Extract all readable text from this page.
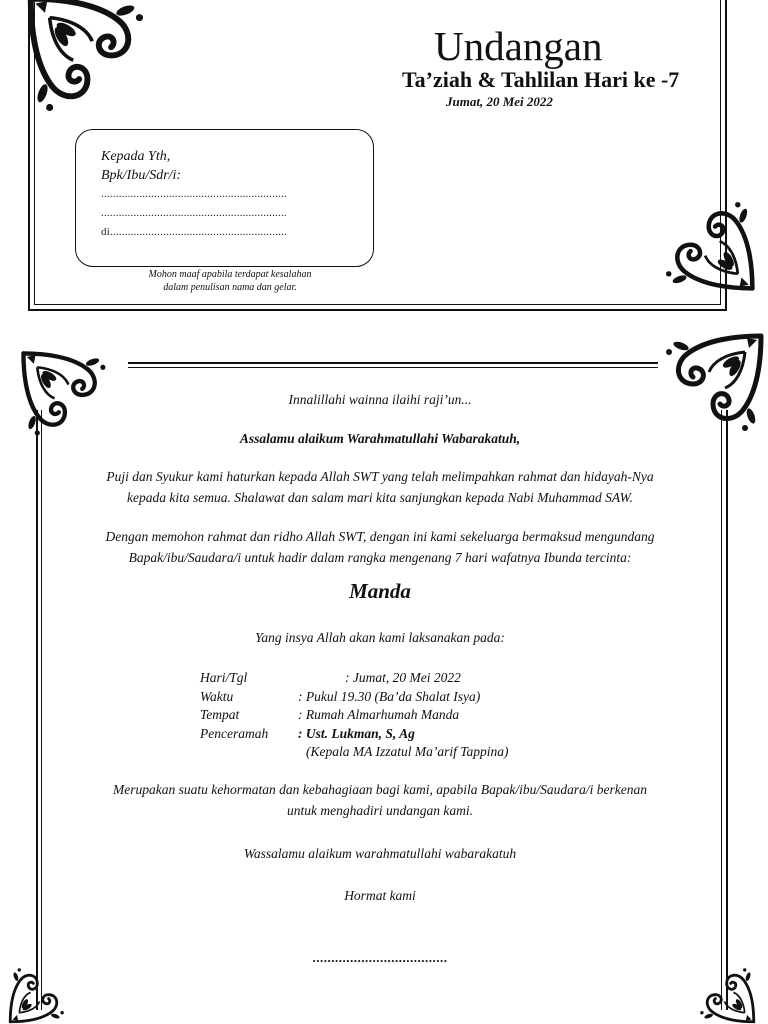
Undangan
Ta’ziah & Tahlilan Hari ke -7
Jumat, 20 Mei 2022
Kepada Yth,
Bpk/Ibu/Sdr/i:
...............................................................
...............................................................
di............................................................
Mohon maaf apabila terdapat kesalahan
dalam penulisan nama dan gelar.
Innalillahi wainna ilaihi raji’un...
Assalamu alaikum Warahmatullahi Wabarakatuh,
Puji dan Syukur kami haturkan kepada Allah SWT yang telah melimpahkan rahmat dan hidayah-Nya
kepada kita semua. Shalawat dan salam mari kita sanjungkan kepada Nabi Muhammad SAW.
Dengan memohon rahmat dan ridho Allah SWT, dengan ini kami sekeluarga bermaksud mengundang
Bapak/ibu/Saudara/i untuk hadir dalam rangka mengenang 7 hari wafatnya Ibunda tercinta:
Manda
Yang insya Allah akan kami laksanakan pada:
Hari/Tgl	: Jumat, 20 Mei 2022
Waktu	: Pukul 19.30 (Ba’da Shalat Isya)
Tempat	: Rumah Almarhumah Manda
Penceramah : Ust. Lukman, S, Ag
(Kepala MA Izzatul Ma’arif Tappina)
Merupakan suatu kehormatan dan kebahagiaan bagi kami, apabila Bapak/ibu/Saudara/i berkenan
untuk menghadiri undangan kami.
Wassalamu alaikum warahmatullahi wabarakatuh
Hormat kami
....................................
